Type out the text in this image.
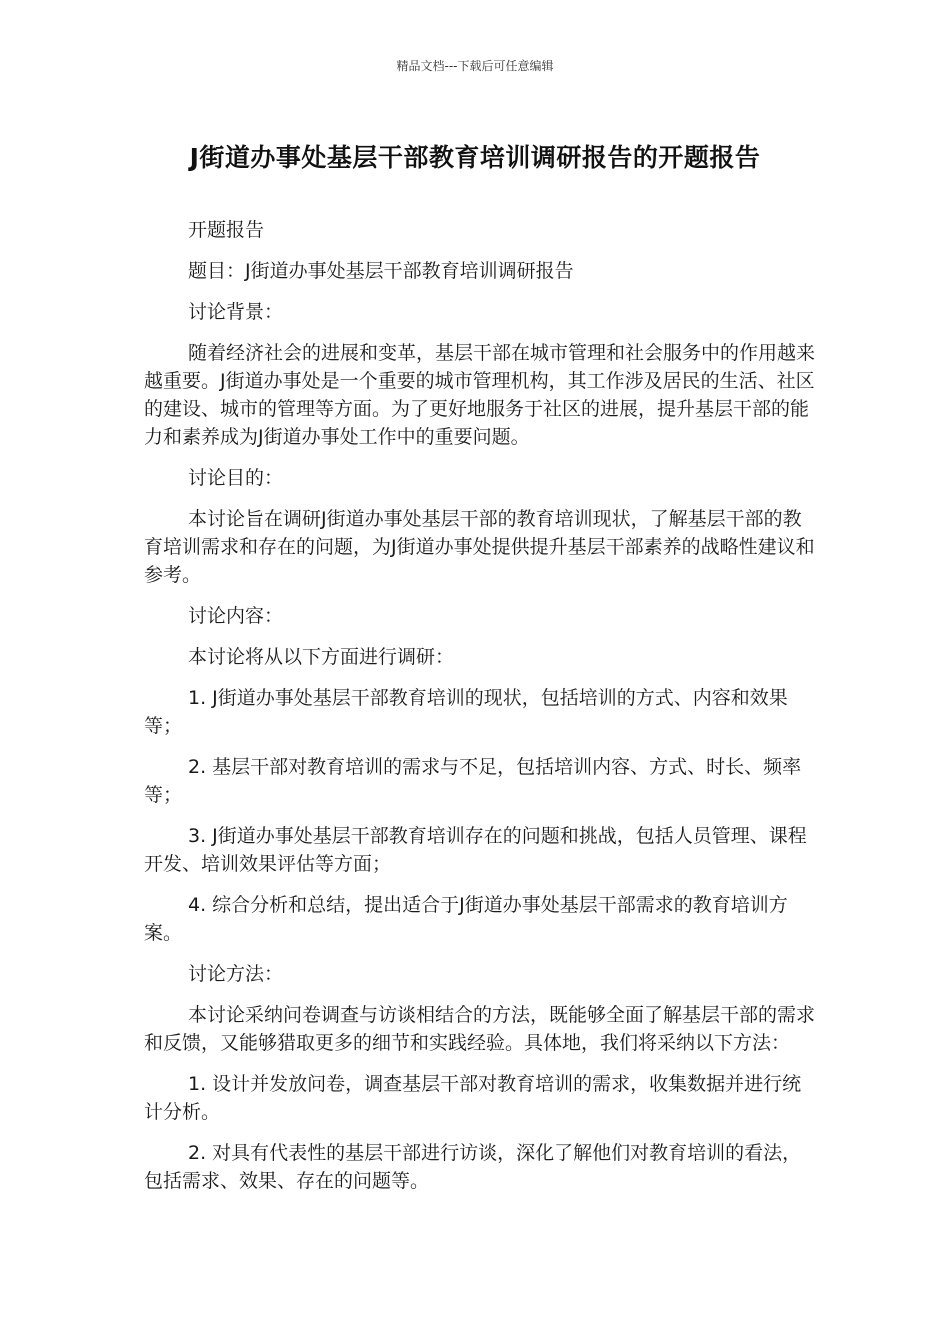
精品文档---下载后可任意编辑
J街道办事处基层干部教育培训调研报告的开题报告

开题报告

题目：J街道办事处基层干部教育培训调研报告

讨论背景：

随着经济社会的进展和变革，基层干部在城市管理和社会服务中的作用越来越重要。J街道办事处是一个重要的城市管理机构，其工作涉及居民的生活、社区的建设、城市的管理等方面。为了更好地服务于社区的进展，提升基层干部的能力和素养成为J街道办事处工作中的重要问题。

讨论目的：

本讨论旨在调研J街道办事处基层干部的教育培训现状，了解基层干部的教育培训需求和存在的问题，为J街道办事处提供提升基层干部素养的战略性建议和参考。

讨论内容：

本讨论将从以下方面进行调研：

1. J街道办事处基层干部教育培训的现状，包括培训的方式、内容和效果等；

2. 基层干部对教育培训的需求与不足，包括培训内容、方式、时长、频率等；

3. J街道办事处基层干部教育培训存在的问题和挑战，包括人员管理、课程开发、培训效果评估等方面；

4. 综合分析和总结，提出适合于J街道办事处基层干部需求的教育培训方案。

讨论方法：

本讨论采纳问卷调查与访谈相结合的方法，既能够全面了解基层干部的需求和反馈，又能够猎取更多的细节和实践经验。具体地，我们将采纳以下方法：

1. 设计并发放问卷，调查基层干部对教育培训的需求，收集数据并进行统计分析。

2. 对具有代表性的基层干部进行访谈，深化了解他们对教育培训的看法，包括需求、效果、存在的问题等。
